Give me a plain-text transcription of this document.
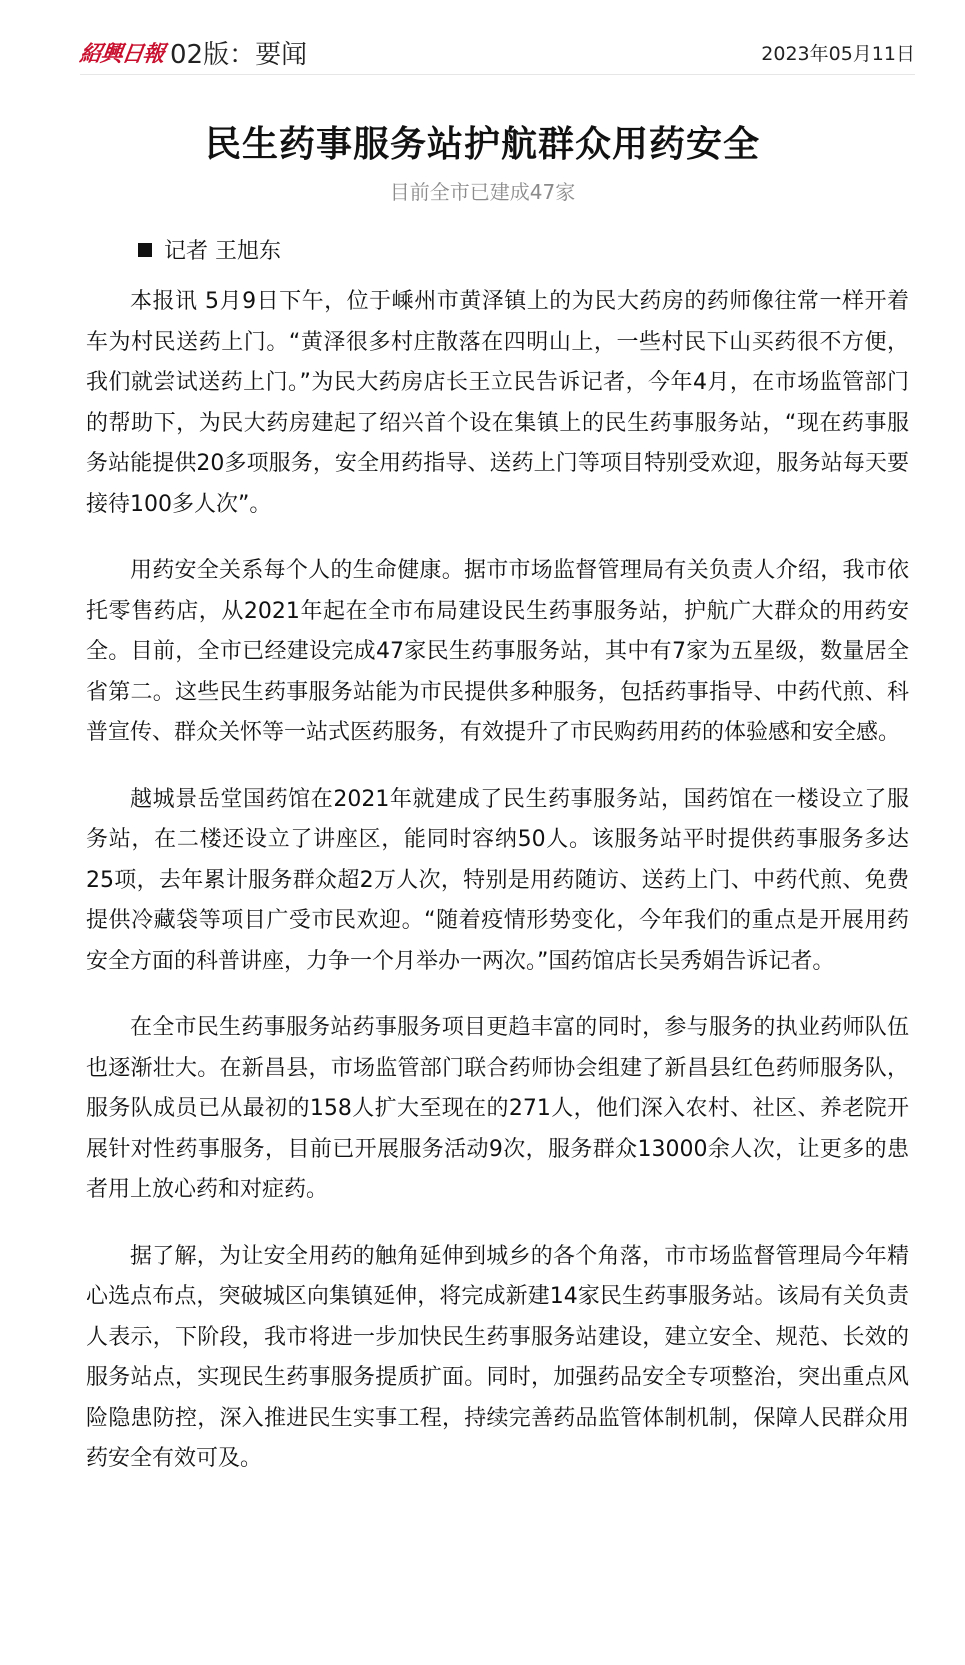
紹興日報 02版：要闻	2023年05月11日
民生药事服务站护航群众用药安全
目前全市已建成47家
记者 王旭东

本报讯 5月9日下午，位于嵊州市黄泽镇上的为民大药房的药师像往常一样开着车为村民送药上门。“黄泽很多村庄散落在四明山上，一些村民下山买药很不方便，我们就尝试送药上门。”为民大药房店长王立民告诉记者，今年4月，在市场监管部门的帮助下，为民大药房建起了绍兴首个设在集镇上的民生药事服务站，“现在药事服务站能提供20多项服务，安全用药指导、送药上门等项目特别受欢迎，服务站每天要接待100多人次”。

用药安全关系每个人的生命健康。据市市场监督管理局有关负责人介绍，我市依托零售药店，从2021年起在全市布局建设民生药事服务站，护航广大群众的用药安全。目前，全市已经建设完成47家民生药事服务站，其中有7家为五星级，数量居全省第二。这些民生药事服务站能为市民提供多种服务，包括药事指导、中药代煎、科普宣传、群众关怀等一站式医药服务，有效提升了市民购药用药的体验感和安全感。

越城景岳堂国药馆在2021年就建成了民生药事服务站，国药馆在一楼设立了服务站，在二楼还设立了讲座区，能同时容纳50人。该服务站平时提供药事服务多达25项，去年累计服务群众超2万人次，特别是用药随访、送药上门、中药代煎、免费提供冷藏袋等项目广受市民欢迎。“随着疫情形势变化，今年我们的重点是开展用药安全方面的科普讲座，力争一个月举办一两次。”国药馆店长吴秀娟告诉记者。

在全市民生药事服务站药事服务项目更趋丰富的同时，参与服务的执业药师队伍也逐渐壮大。在新昌县，市场监管部门联合药师协会组建了新昌县红色药师服务队，服务队成员已从最初的158人扩大至现在的271人，他们深入农村、社区、养老院开展针对性药事服务，目前已开展服务活动9次，服务群众13000余人次，让更多的患者用上放心药和对症药。

据了解，为让安全用药的触角延伸到城乡的各个角落，市市场监督管理局今年精心选点布点，突破城区向集镇延伸，将完成新建14家民生药事服务站。该局有关负责人表示，下阶段，我市将进一步加快民生药事服务站建设，建立安全、规范、长效的服务站点，实现民生药事服务提质扩面。同时，加强药品安全专项整治，突出重点风险隐患防控，深入推进民生实事工程，持续完善药品监管体制机制，保障人民群众用药安全有效可及。
